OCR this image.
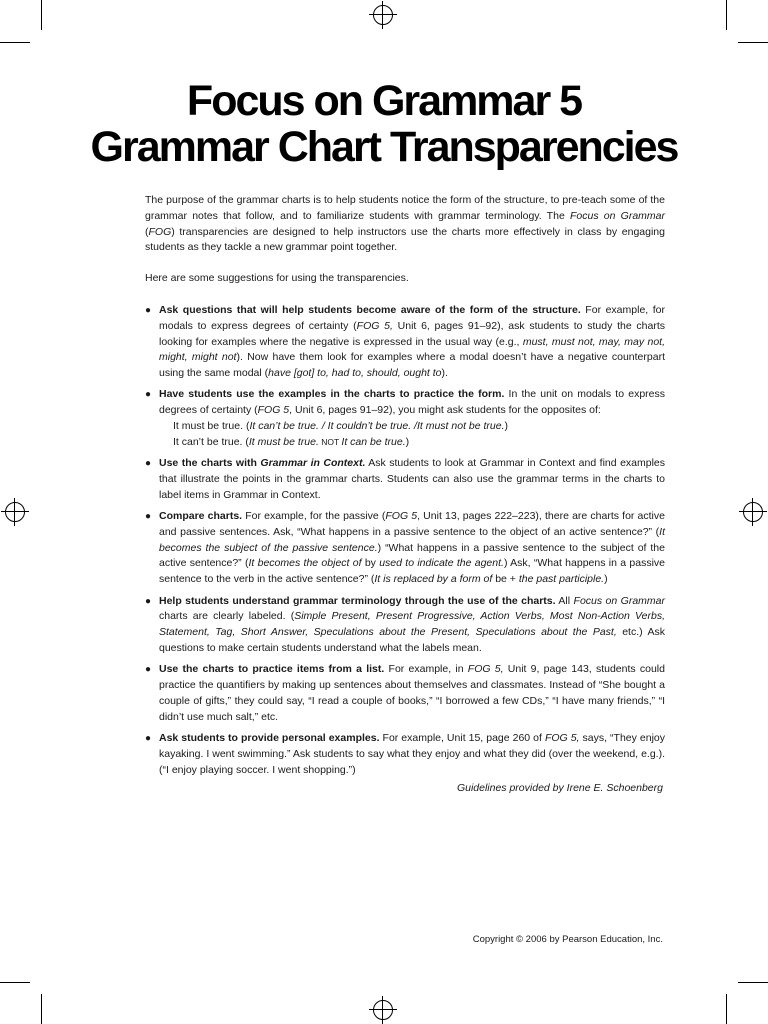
Focus on Grammar 5
Grammar Chart Transparencies
The purpose of the grammar charts is to help students notice the form of the structure, to pre-teach some of the grammar notes that follow, and to familiarize students with grammar terminology. The Focus on Grammar (FOG) transparencies are designed to help instructors use the charts more effectively in class by engaging students as they tackle a new grammar point together.
Here are some suggestions for using the transparencies.
● Ask questions that will help students become aware of the form of the structure. For example, for modals to express degrees of certainty (FOG 5, Unit 6, pages 91–92), ask students to study the charts looking for examples where the negative is expressed in the usual way (e.g., must, must not, may, may not, might, might not). Now have them look for examples where a modal doesn’t have a negative counterpart using the same modal (have [got] to, had to, should, ought to).
● Have students use the examples in the charts to practice the form. In the unit on modals to express degrees of certainty (FOG 5, Unit 6, pages 91–92), you might ask students for the opposites of:
It must be true. (It can’t be true. / It couldn’t be true. /It must not be true.)
It can’t be true. (It must be true. NOT It can be true.)
● Use the charts with Grammar in Context. Ask students to look at Grammar in Context and find examples that illustrate the points in the grammar charts. Students can also use the grammar terms in the charts to label items in Grammar in Context.
● Compare charts. For example, for the passive (FOG 5, Unit 13, pages 222–223), there are charts for active and passive sentences. Ask, “What happens in a passive sentence to the object of an active sentence?” (It becomes the subject of the passive sentence.) “What happens in a passive sentence to the subject of the active sentence?” (It becomes the object of by used to indicate the agent.) Ask, “What happens in a passive sentence to the verb in the active sentence?” (It is replaced by a form of be + the past participle.)
● Help students understand grammar terminology through the use of the charts. All Focus on Grammar charts are clearly labeled. (Simple Present, Present Progressive, Action Verbs, Most Non-Action Verbs, Statement, Tag, Short Answer, Speculations about the Present, Speculations about the Past, etc.) Ask questions to make certain students understand what the labels mean.
● Use the charts to practice items from a list. For example, in FOG 5, Unit 9, page 143, students could practice the quantifiers by making up sentences about themselves and classmates. Instead of “She bought a couple of gifts,” they could say, “I read a couple of books,” “I borrowed a few CDs,” “I have many friends,” “I didn’t use much salt,” etc.
● Ask students to provide personal examples. For example, Unit 15, page 260 of FOG 5, says, “They enjoy kayaking. I went swimming.” Ask students to say what they enjoy and what they did (over the weekend, e.g.). (“I enjoy playing soccer. I went shopping.”)
Guidelines provided by Irene E. Schoenberg
Copyright © 2006 by Pearson Education, Inc.
